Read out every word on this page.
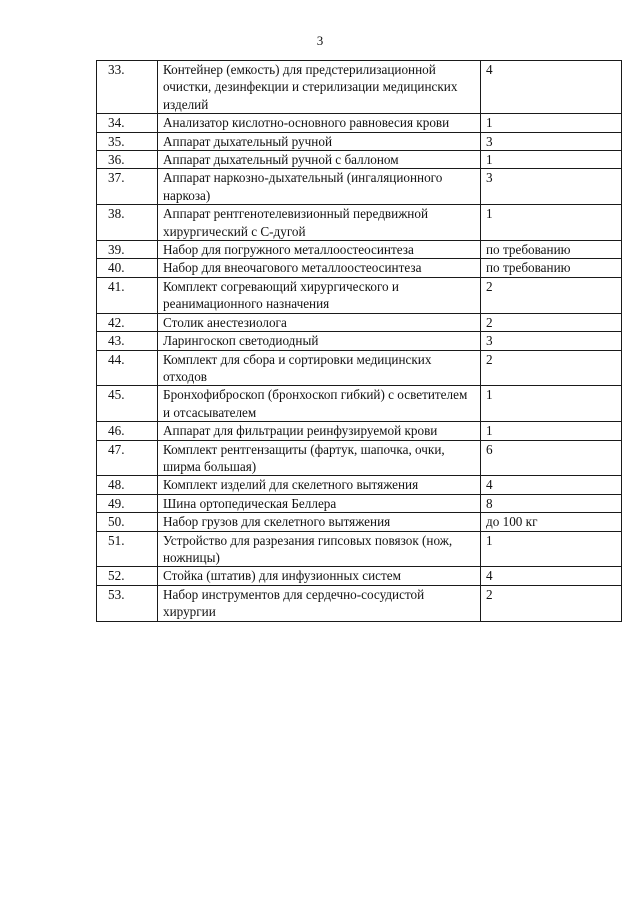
3
33.	Контейнер (емкость) для предстерилизационной очистки, дезинфекции и стерилизации медицинских изделий	4
34.	Анализатор кислотно-основного равновесия крови	1
35.	Аппарат дыхательный ручной	3
36.	Аппарат дыхательный ручной с баллоном	1
37.	Аппарат наркозно-дыхательный (ингаляционного наркоза)	3
38.	Аппарат рентгенотелевизионный передвижной хирургический с С-дугой	1
39.	Набор для погружного металлоостеосинтеза	по требованию
40.	Набор для внеочагового металлоостеосинтеза	по требованию
41.	Комплект согревающий хирургического и реанимационного назначения	2
42.	Столик анестезиолога	2
43.	Ларингоскоп светодиодный	3
44.	Комплект для сбора и сортировки медицинских отходов	2
45.	Бронхофиброскоп (бронхоскоп гибкий) с осветителем и отсасывателем	1
46.	Аппарат для фильтрации реинфузируемой крови	1
47.	Комплект рентгензащиты (фартук, шапочка, очки, ширма большая)	6
48.	Комплект изделий для скелетного вытяжения	4
49.	Шина ортопедическая Беллера	8
50.	Набор грузов для скелетного вытяжения	до 100 кг
51.	Устройство для разрезания гипсовых повязок (нож, ножницы)	1
52.	Стойка (штатив) для инфузионных систем	4
53.	Набор инструментов для сердечно-сосудистой хирургии	2
